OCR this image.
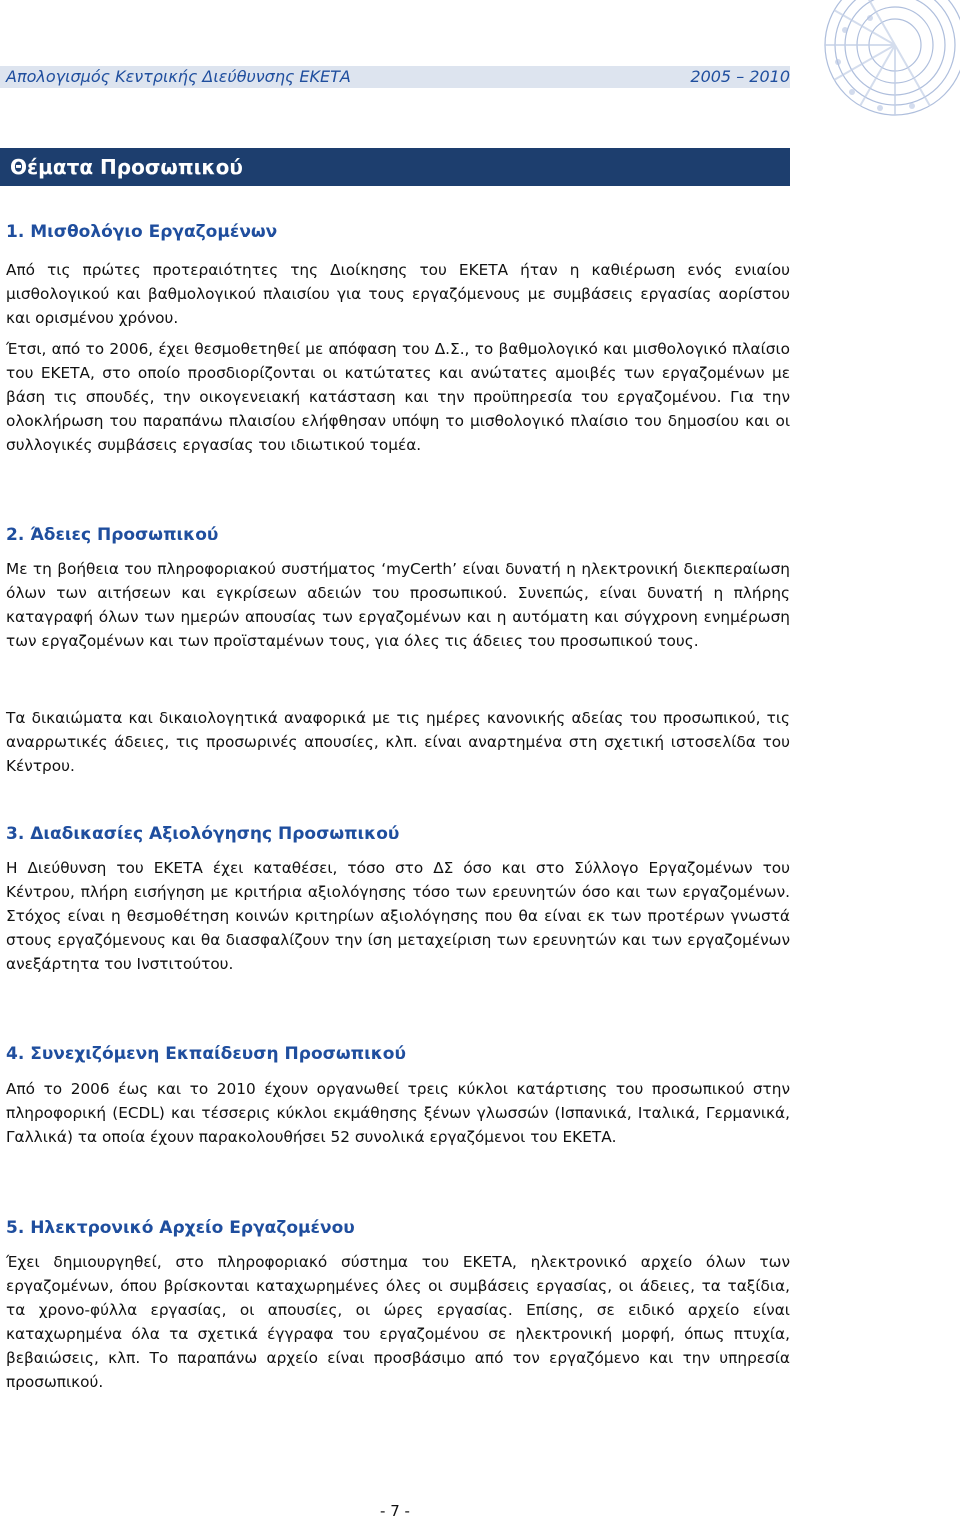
Απολογισμός Κεντρικής Διεύθυνσης ΕΚΕΤΑ	2005 – 2010
Θέματα Προσωπικού
1. Μισθολόγιο Εργαζομένων

Από τις πρώτες προτεραιότητες της Διοίκησης του ΕΚΕΤΑ ήταν η καθιέρωση ενός ενιαίου μισθολογικού και βαθμολογικού πλαισίου για τους εργαζόμενους με συμβάσεις εργασίας αορίστου και ορισμένου χρόνου.

Έτσι, από το 2006, έχει θεσμοθετηθεί με απόφαση του Δ.Σ., το βαθμολογικό και μισθολογικό πλαίσιο του ΕΚΕΤΑ, στο οποίο προσδιορίζονται οι κατώτατες και ανώτατες αμοιβές των εργαζομένων με βάση τις σπουδές, την οικογενειακή κατάσταση και την προϋπηρεσία του εργαζομένου. Για την ολοκλήρωση του παραπάνω πλαισίου ελήφθησαν υπόψη το μισθολογικό πλαίσιο του δημοσίου και οι συλλογικές συμβάσεις εργασίας του ιδιωτικού τομέα.

2. Άδειες Προσωπικού

Με τη βοήθεια του πληροφοριακού συστήματος ‘myCerth’ είναι δυνατή η ηλεκτρονική διεκπεραίωση όλων των αιτήσεων και εγκρίσεων αδειών του προσωπικού. Συνεπώς, είναι δυνατή η πλήρης καταγραφή όλων των ημερών απουσίας των εργαζομένων και η αυτόματη και σύγχρονη ενημέρωση των εργαζομένων και των προϊσταμένων τους, για όλες τις άδειες του προσωπικού τους.

Τα δικαιώματα και δικαιολογητικά αναφορικά με τις ημέρες κανονικής αδείας του προσωπικού, τις αναρρωτικές άδειες, τις προσωρινές απουσίες, κλπ. είναι αναρτημένα στη σχετική ιστοσελίδα του Κέντρου.

3. Διαδικασίες Αξιολόγησης Προσωπικού

Η Διεύθυνση του ΕΚΕΤΑ έχει καταθέσει, τόσο στο ΔΣ όσο και στο Σύλλογο Εργαζομένων του Κέντρου, πλήρη εισήγηση με κριτήρια αξιολόγησης τόσο των ερευνητών όσο και των εργαζομένων. Στόχος είναι η θεσμοθέτηση κοινών κριτηρίων αξιολόγησης που θα είναι εκ των προτέρων γνωστά στους εργαζόμενους και θα διασφαλίζουν την ίση μεταχείριση των ερευνητών και των εργαζομένων ανεξάρτητα του Ινστιτούτου.

4. Συνεχιζόμενη Εκπαίδευση Προσωπικού

Από το 2006 έως και το 2010 έχουν οργανωθεί τρεις κύκλοι κατάρτισης του προσωπικού στην πληροφορική (ECDL) και τέσσερις κύκλοι εκμάθησης ξένων γλωσσών (Ισπανικά, Ιταλικά, Γερμανικά, Γαλλικά) τα οποία έχουν παρακολουθήσει 52 συνολικά εργαζόμενοι του ΕΚΕΤΑ.

5. Ηλεκτρονικό Αρχείο Εργαζομένου

Έχει δημιουργηθεί, στο πληροφοριακό σύστημα του ΕΚΕΤΑ, ηλεκτρονικό αρχείο όλων των εργαζομένων, όπου βρίσκονται καταχωρημένες όλες οι συμβάσεις εργασίας, οι άδειες, τα ταξίδια, τα χρονο-φύλλα εργασίας, οι απουσίες, οι ώρες εργασίας. Επίσης, σε ειδικό αρχείο είναι καταχωρημένα όλα τα σχετικά έγγραφα του εργαζομένου σε ηλεκτρονική μορφή, όπως πτυχία, βεβαιώσεις, κλπ. Το παραπάνω αρχείο είναι προσβάσιμο από τον εργαζόμενο και την υπηρεσία προσωπικού.

- 7 -
